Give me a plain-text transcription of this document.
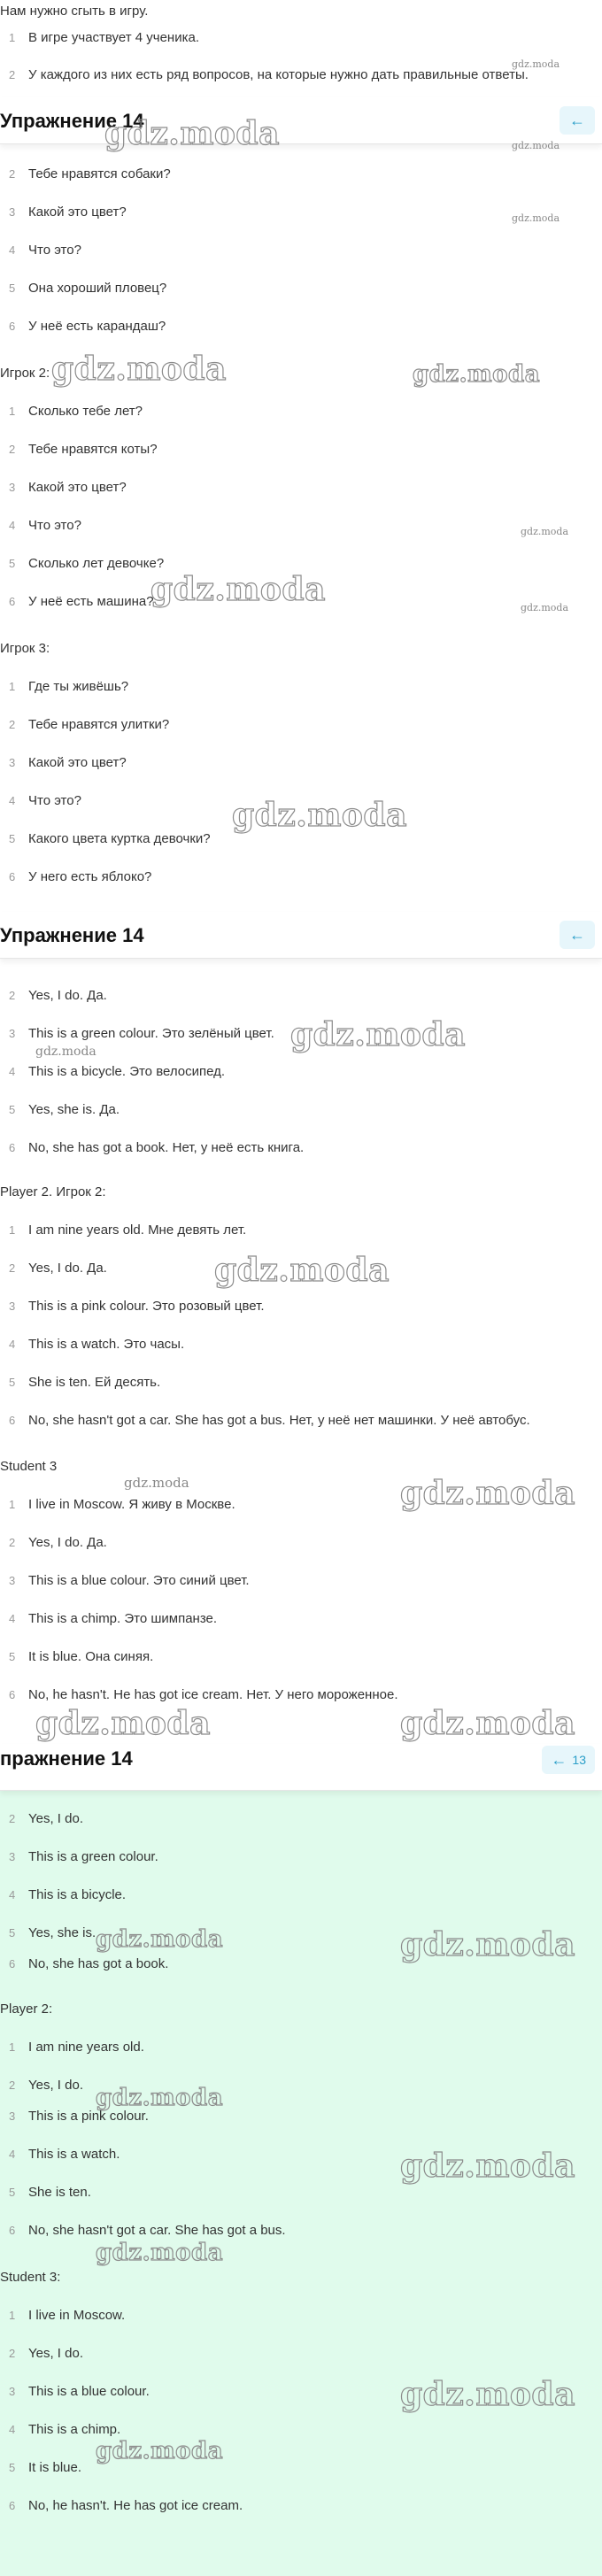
Нам нужно сгыть в игру.
1 В игре участвует 4 ученика.
2 У каждого из них есть ряд вопросов, на которые нужно дать правильные ответы.
gdz.moda
Упражнение 14	←
gdz.moda	gdz.moda
2 Тебе нравятся собаки?
3 Какой это цвет?	gdz.moda
4 Что это?
5 Она хороший пловец?
6 У неё есть карандаш?
Игрок 2: gdz.moda	gdz.moda
1 Сколько тебе лет?
2 Тебе нравятся коты?
3 Какой это цвет?
4 Что это?	gdz.moda
5 Сколько лет девочке?
6 У неё есть машина?
gdz.moda	gdz.moda
Игрок 3:
1 Где ты живёшь?
2 Тебе нравятся улитки?
3 Какой это цвет?
4 Что это?	gdz.moda
5 Какого цвета куртка девочки?
6 У него есть яблоко?
Упражнение 14	←
2 Yes, I do. Да.
3 This is a green colour. Это зелёный цвет. gdz.moda
gdz.moda
4 This is a bicycle. Это велосипед.
5 Yes, she is. Да.
6 No, she has got a book. Нет, у неё есть книга.
Player 2. Игрок 2:
1 I am nine years old. Мне девять лет.
2 Yes, I do. Да.	gdz.moda
3 This is a pink colour. Это розовый цвет.
4 This is a watch. Это часы.
5 She is ten. Ей десять.
6 No, she hasn't got a car. She has got a bus. Нет, у неё нет машинки. У неё автобус.
Student 3
gdz.moda	gdz.moda
1 I live in Moscow. Я живу в Москве.
2 Yes, I do. Да.
3 This is a blue colour. Это синий цвет.
4 This is a chimp. Это шимпанзе.
5 It is blue. Она синяя.
6 No, he hasn't. He has got ice cream. Нет. У него мороженное.
gdz.moda	gdz.moda
пражнение 14	← 13
2 Yes, I do.
3 This is a green colour.
4 This is a bicycle.
5 Yes, she is. gdz.moda	gdz.moda
6 No, she has got a book.
Player 2:
1 I am nine years old.
2 Yes, I do. gdz.moda
3 This is a pink colour.
4 This is a watch.	gdz.moda
5 She is ten.
6 No, she hasn't got a car. She has got a bus.
gdz.moda
Student 3:
1 I live in Moscow.
2 Yes, I do.
3 This is a blue colour.	gdz.moda
4 This is a chimp.
gdz.moda
5 It is blue.
6 No, he hasn't. He has got ice cream.
